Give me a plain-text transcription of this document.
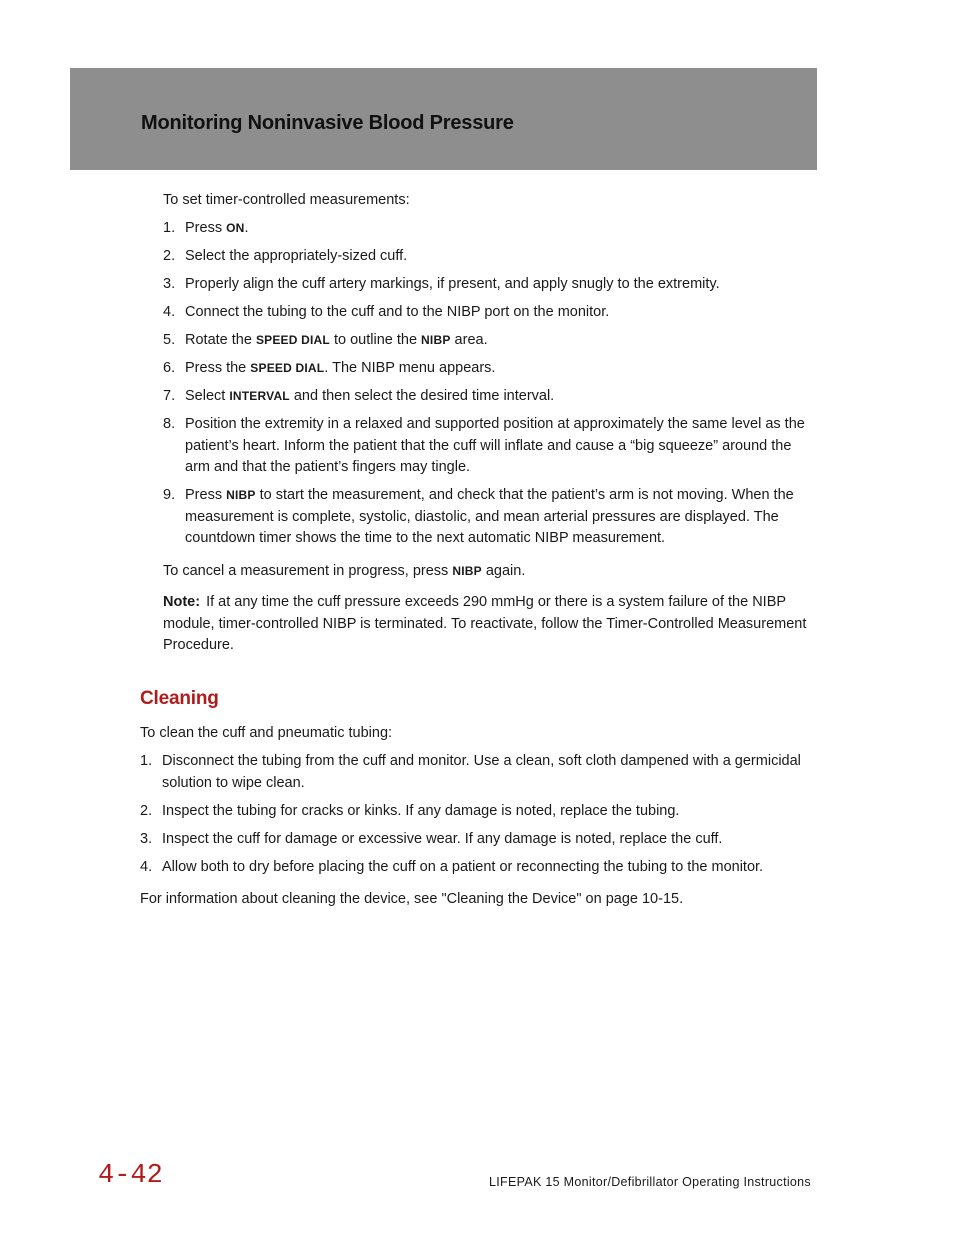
Monitoring Noninvasive Blood Pressure
To set timer-controlled measurements:
1. Press ON.
2. Select the appropriately-sized cuff.
3. Properly align the cuff artery markings, if present, and apply snugly to the extremity.
4. Connect the tubing to the cuff and to the NIBP port on the monitor.
5. Rotate the SPEED DIAL to outline the NIBP area.
6. Press the SPEED DIAL. The NIBP menu appears.
7. Select INTERVAL and then select the desired time interval.
8. Position the extremity in a relaxed and supported position at approximately the same level as the patient’s heart. Inform the patient that the cuff will inflate and cause a “big squeeze” around the arm and that the patient’s fingers may tingle.
9. Press NIBP to start the measurement, and check that the patient’s arm is not moving. When the measurement is complete, systolic, diastolic, and mean arterial pressures are displayed. The countdown timer shows the time to the next automatic NIBP measurement.
To cancel a measurement in progress, press NIBP again.
Note: If at any time the cuff pressure exceeds 290 mmHg or there is a system failure of the NIBP module, timer-controlled NIBP is terminated. To reactivate, follow the Timer-Controlled Measurement Procedure.
Cleaning
To clean the cuff and pneumatic tubing:
1. Disconnect the tubing from the cuff and monitor. Use a clean, soft cloth dampened with a germicidal solution to wipe clean.
2. Inspect the tubing for cracks or kinks. If any damage is noted, replace the tubing.
3. Inspect the cuff for damage or excessive wear. If any damage is noted, replace the cuff.
4. Allow both to dry before placing the cuff on a patient or reconnecting the tubing to the monitor.
For information about cleaning the device, see "Cleaning the Device" on page 10-15.
4-42	LIFEPAK 15 Monitor/Defibrillator Operating Instructions
